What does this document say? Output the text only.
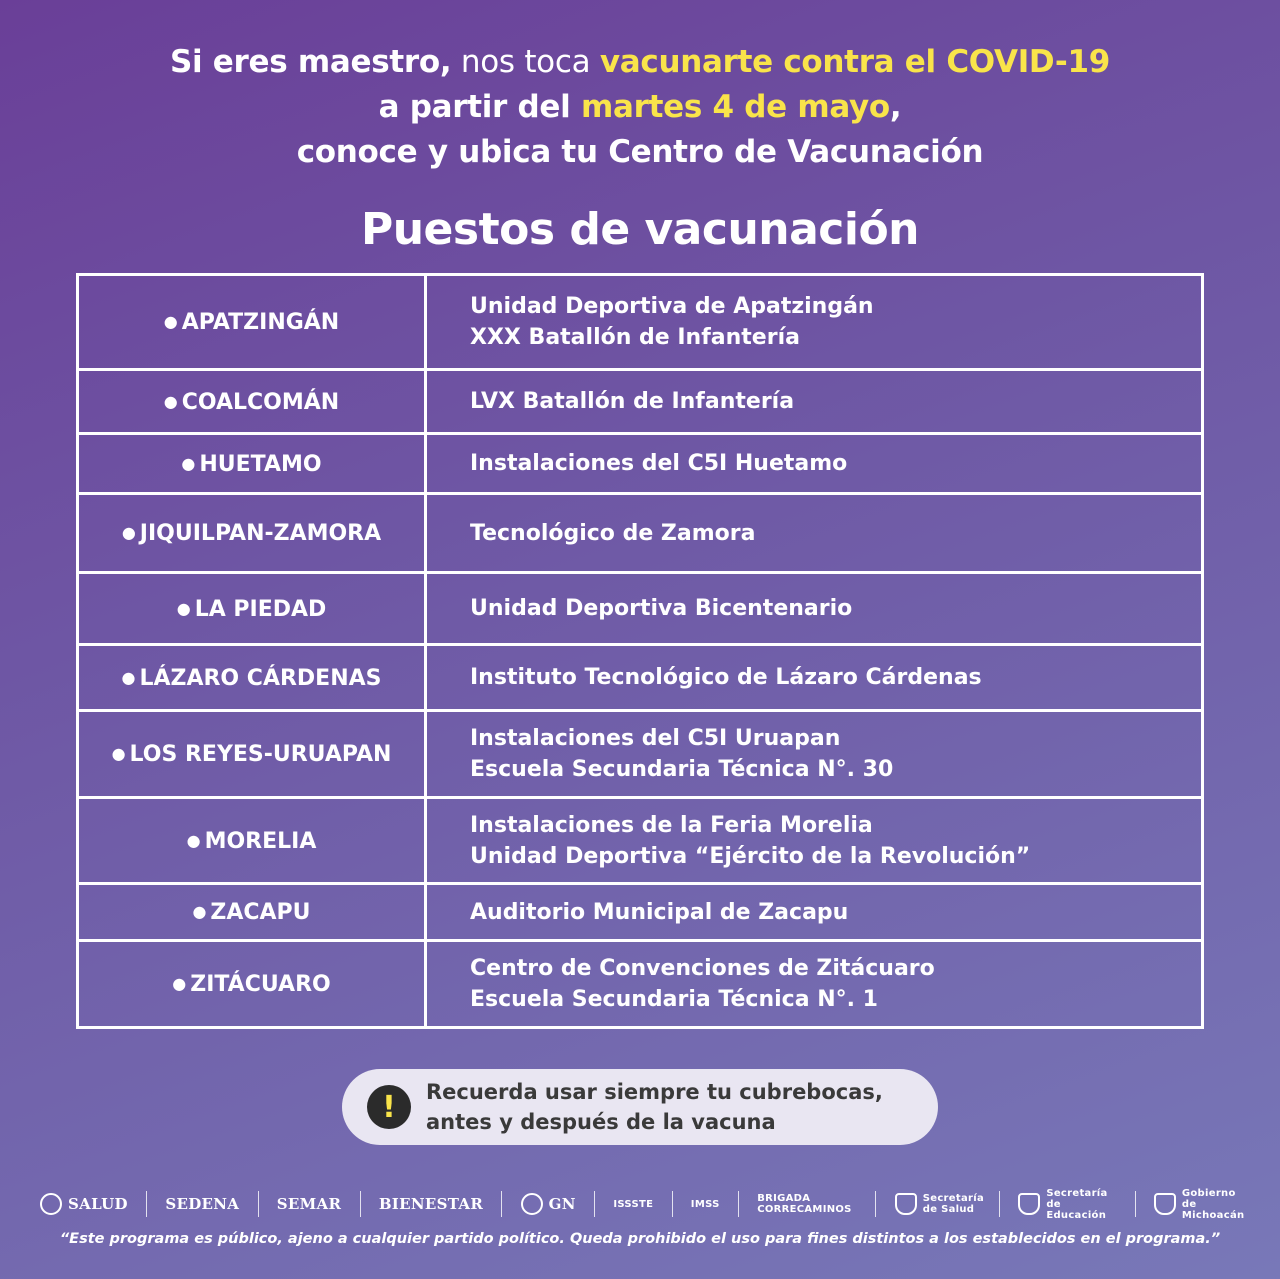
Si eres maestro, nos toca vacunarte contra el COVID-19
a partir del martes 4 de mayo,
conoce y ubica tu Centro de Vacunación
Puestos de vacunación
● APATZINGÁN	Unidad Deportiva de Apatzingán
XXX Batallón de Infantería

● COALCOMÁN	LVX Batallón de Infantería

● HUETAMO	Instalaciones del C5I Huetamo

● JIQUILPAN-ZAMORA	Tecnológico de Zamora

● LA PIEDAD	Unidad Deportiva Bicentenario

● LÁZARO CÁRDENAS	Instituto Tecnológico de Lázaro Cárdenas

● LOS REYES-URUAPAN	Instalaciones del C5I Uruapan
Escuela Secundaria Técnica N°. 30

● MORELIA	Instalaciones de la Feria Morelia
Unidad Deportiva “Ejército de la Revolución”

● ZACAPU	Auditorio Municipal de Zacapu

● ZITÁCUARO	Centro de Convenciones de Zitácuaro
Escuela Secundaria Técnica N°. 1
!	Recuerda usar siempre tu cubrebocas,
antes y después de la vacuna
SALUD	SEDENA	SEMAR	BIENESTAR	GN	ISSSTE	IMSS	BRIGADA CORRECAMINOS
Secretaría de Salud
Secretaría de Educación
Gobierno de Michoacán
“Este programa es público, ajeno a cualquier partido político. Queda prohibido el uso para fines distintos a los establecidos en el programa.”
